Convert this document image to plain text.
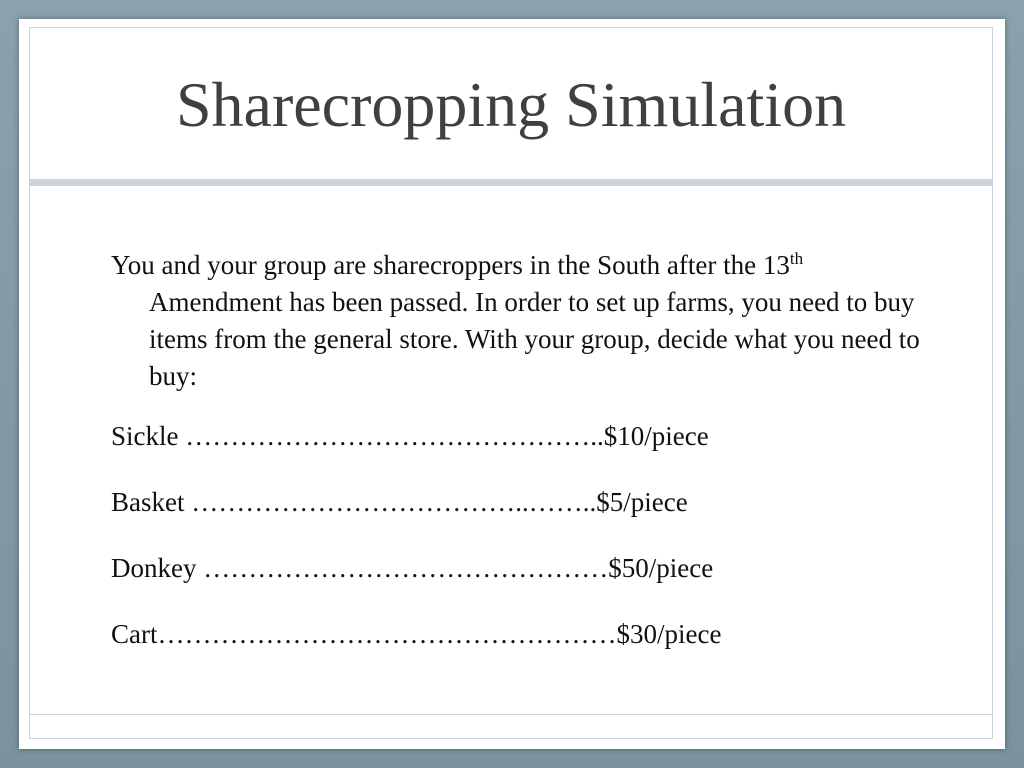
Sharecropping Simulation

You and your group are sharecroppers in the South after the 13th Amendment has been passed. In order to set up farms, you need to buy items from the general store. With your group, decide what you need to buy:

Sickle ………………………………………..$10/piece

Basket ………………………………..……..$5/piece

Donkey ………………………………………$50/piece

Cart……………………………………………$30/piece
